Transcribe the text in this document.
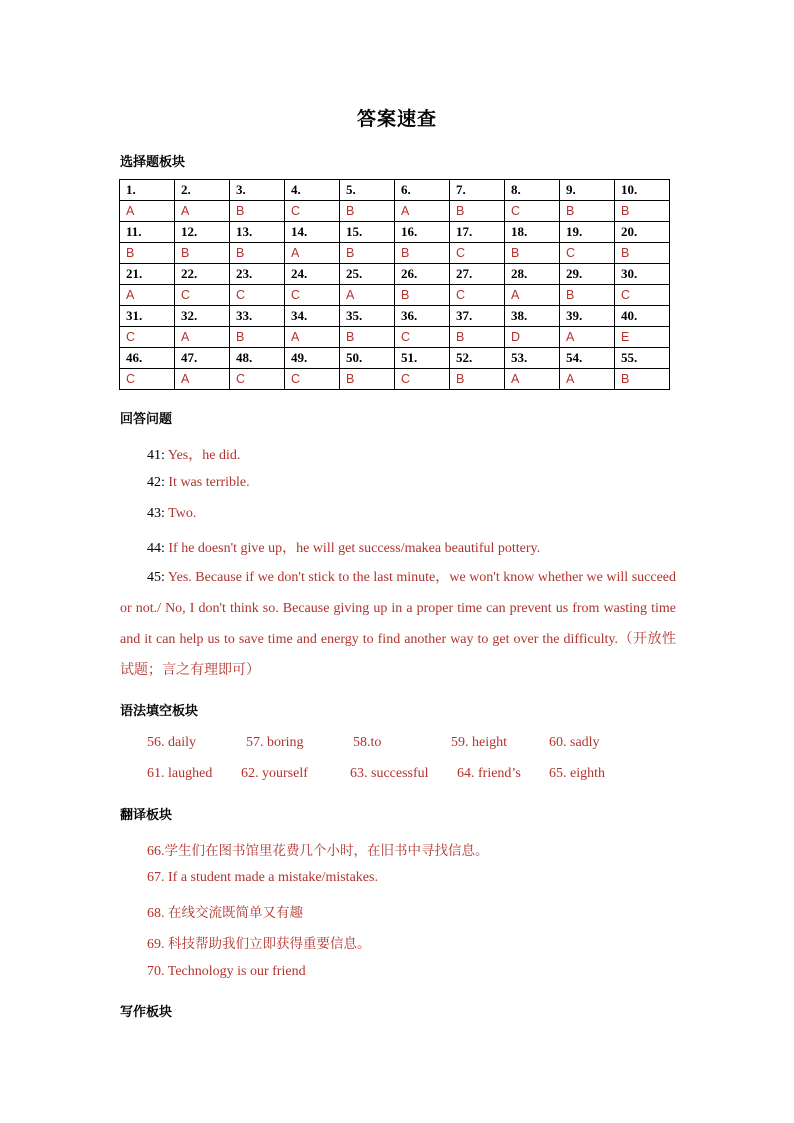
答案速查
选择题板块
1.	2.	3.	4.	5.	6.	7.	8.	9.	10.
A	A	B	C	B	A	B	C	B	B
11.	12.	13.	14.	15.	16.	17.	18.	19.	20.
B	B	B	A	B	B	C	B	C	B
21.	22.	23.	24.	25.	26.	27.	28.	29.	30.
A	C	C	C	A	B	C	A	B	C
31.	32.	33.	34.	35.	36.	37.	38.	39.	40.
C	A	B	A	B	C	B	D	A	E
46.	47.	48.	49.	50.	51.	52.	53.	54.	55.
C	A	C	C	B	C	B	A	A	B
回答问题
41: Yes，he did.
42: It was terrible.
43: Two.
44: If he doesn't give up，he will get success/makea beautiful pottery.
45: Yes. Because if we don't stick to the last minute，we won't know whether we will succeed or not./ No, I don't think so. Because giving up in a proper time can prevent us from wasting time and it can help us to save time and energy to find another way to get over the difficulty.（开放性试题；言之有理即可）
语法填空板块
56. daily	57. boring	58.to	59. height	60. sadly
61. laughed 62. yourself	63. successful 64. friend’s 65. eighth
翻译板块
66.学生们在图书馆里花费几个小时，在旧书中寻找信息。
67. If a student made a mistake/mistakes.
68. 在线交流既简单又有趣
69. 科技帮助我们立即获得重要信息。
70. Technology is our friend
写作板块
